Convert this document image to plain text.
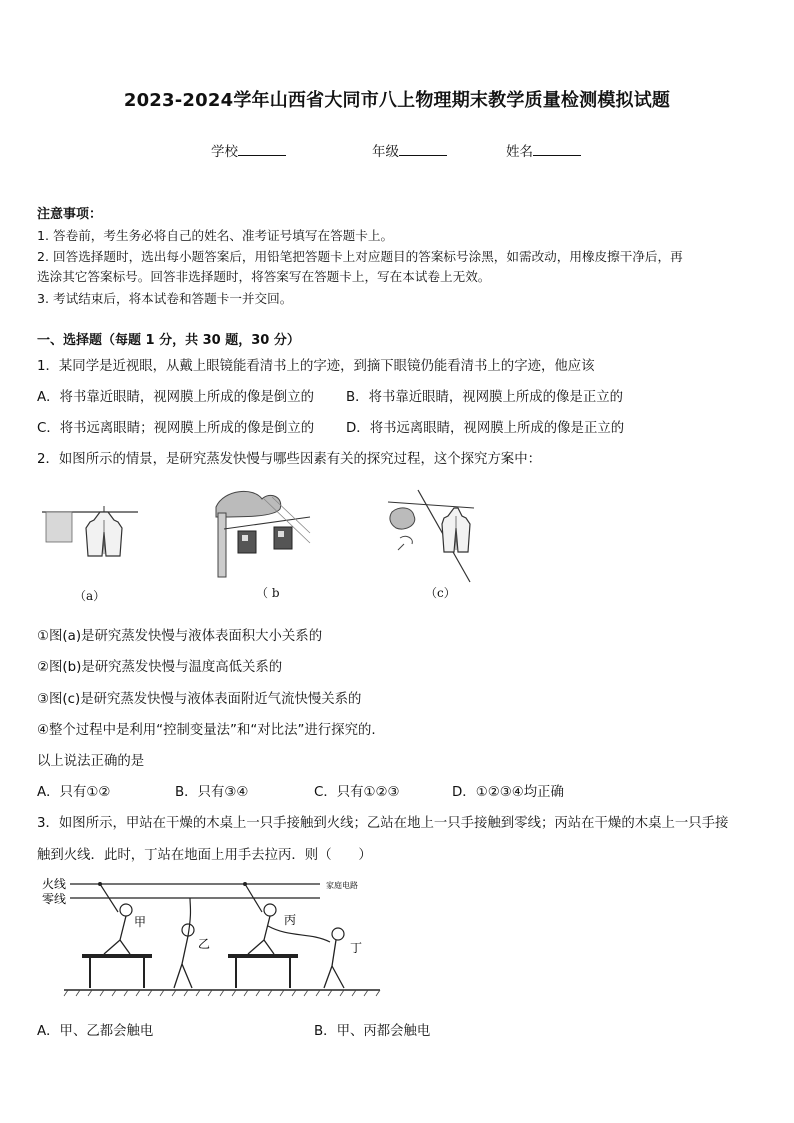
2023-2024学年山西省大同市八上物理期末教学质量检测模拟试题
学校	年级	姓名
注意事项：
1. 答卷前，考生务必将自己的姓名、准考证号填写在答题卡上。
2. 回答选择题时，选出每小题答案后，用铅笔把答题卡上对应题目的答案标号涂黑，如需改动，用橡皮擦干净后，再
选涂其它答案标号。回答非选择题时，将答案写在答题卡上，写在本试卷上无效。
3. 考试结束后，将本试卷和答题卡一并交回。
一、选择题（每题 1 分，共 30 题，30 分）
1．某同学是近视眼，从戴上眼镜能看清书上的字迹，到摘下眼镜仍能看清书上的字迹，他应该
A．将书靠近眼睛，视网膜上所成的像是倒立的 B．将书靠近眼睛，视网膜上所成的像是正立的
C．将书远离眼睛；视网膜上所成的像是倒立的 D．将书远离眼睛，视网膜上所成的像是正立的
2．如图所示的情景，是研究蒸发快慢与哪些因素有关的探究过程，这个探究方案中：
（a）	（ b	（c）
①图(a)是研究蒸发快慢与液体表面积大小关系的
②图(b)是研究蒸发快慢与温度高低关系的
③图(c)是研究蒸发快慢与液体表面附近气流快慢关系的
④整个过程中是利用“控制变量法”和“对比法”进行探究的.
以上说法正确的是
A．只有①②	B．只有③④	C．只有①②③	D．①②③④均正确
3．如图所示，甲站在干燥的木桌上一只手接触到火线；乙站在地上一只手接触到零线；丙站在干燥的木桌上一只手接
触到火线．此时，丁站在地面上用手去拉丙．则（　　）
火线
零线
家庭电路
甲
乙
丙
丁
A．甲、乙都会触电	B．甲、丙都会触电
